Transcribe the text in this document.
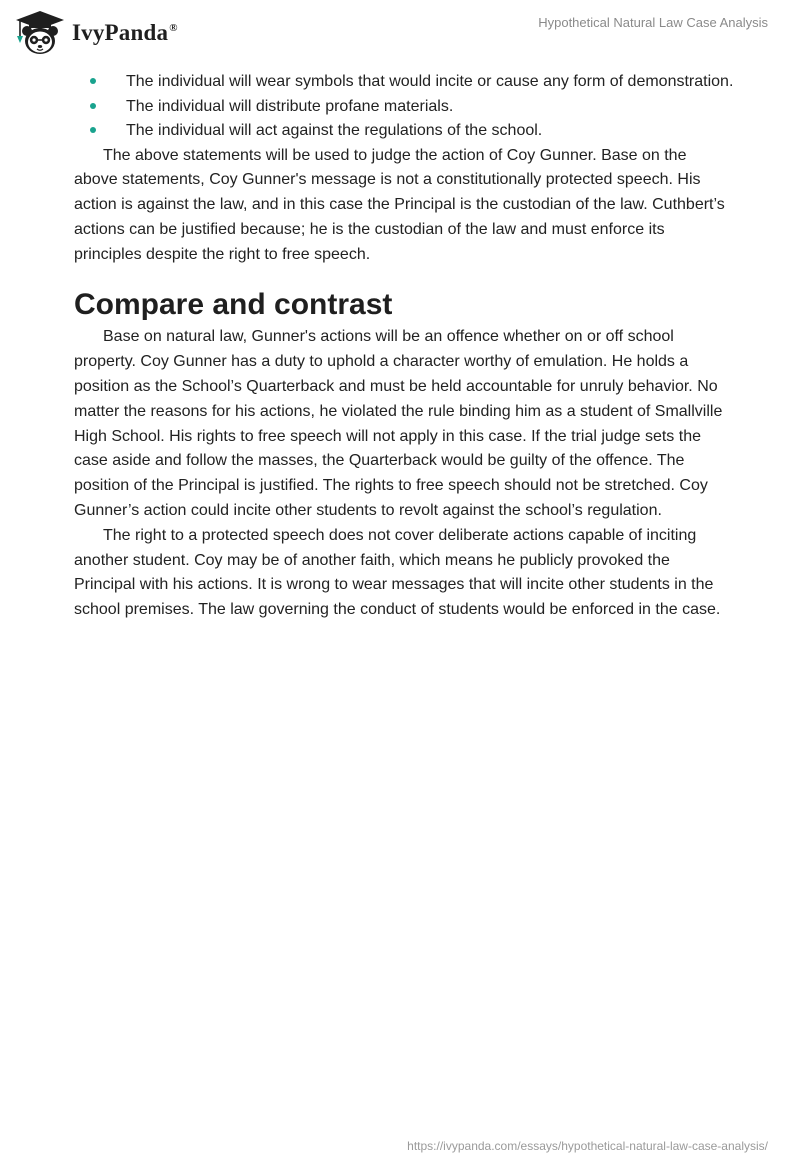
IvyPanda®	Hypothetical Natural Law Case Analysis
The individual will wear symbols that would incite or cause any form of demonstration.
The individual will distribute profane materials.
The individual will act against the regulations of the school.

The above statements will be used to judge the action of Coy Gunner. Base on the above statements, Coy Gunner's message is not a constitutionally protected speech. His action is against the law, and in this case the Principal is the custodian of the law. Cuthbert’s actions can be justified because; he is the custodian of the law and must enforce its principles despite the right to free speech.

Compare and contrast

Base on natural law, Gunner's actions will be an offence whether on or off school property. Coy Gunner has a duty to uphold a character worthy of emulation. He holds a position as the School’s Quarterback and must be held accountable for unruly behavior. No matter the reasons for his actions, he violated the rule binding him as a student of Smallville High School. His rights to free speech will not apply in this case. If the trial judge sets the case aside and follow the masses, the Quarterback would be guilty of the offence. The position of the Principal is justified. The rights to free speech should not be stretched. Coy Gunner’s action could incite other students to revolt against the school’s regulation.

The right to a protected speech does not cover deliberate actions capable of inciting another student. Coy may be of another faith, which means he publicly provoked the Principal with his actions. It is wrong to wear messages that will incite other students in the school premises. The law governing the conduct of students would be enforced in the case.

https://ivypanda.com/essays/hypothetical-natural-law-case-analysis/
